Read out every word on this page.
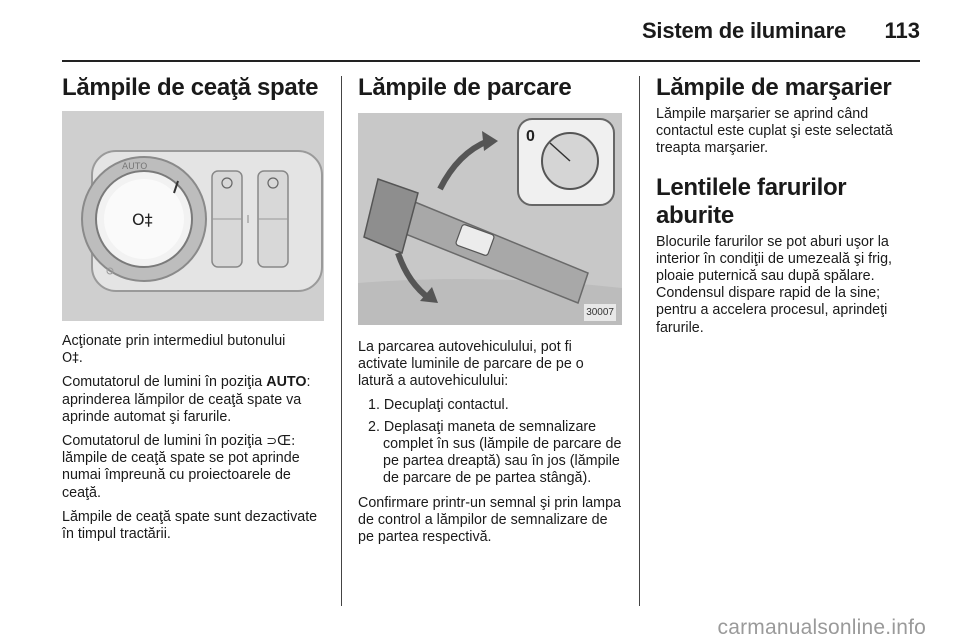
Sistem de iluminare 113
Lămpile de ceaţă spate
O‡
AUTO

Acţionate prin intermediul butonului
O‡.

Comutatorul de lumini în poziţia AUTO: aprinderea lămpilor de ceaţă spate va aprinde automat şi farurile.

Comutatorul de lumini în poziţia ⊃Œ: lămpile de ceaţă spate se pot aprinde numai împreună cu proiectoarele de ceaţă.

Lămpile de ceaţă spate sunt dezactivate în timpul tractării.

Lămpile de parcare
0
30007

La parcarea autovehiculului, pot fi activate luminile de parcare de pe o latură a autovehiculului:

1. Decuplaţi contactul.

2. Deplasaţi maneta de semnalizare complet în sus (lămpile de parcare de pe partea dreaptă) sau în jos (lămpile de parcare de pe partea stângă).

Confirmare printr-un semnal şi prin lampa de control a lămpilor de semnalizare de pe partea respectivă.

Lămpile de marşarier

Lămpile marşarier se aprind când contactul este cuplat şi este selectată treapta marşarier.

Lentilele farurilor aburite

Blocurile farurilor se pot aburi uşor la interior în condiţii de umezeală şi frig, ploaie puternică sau după spălare. Condensul dispare rapid de la sine; pentru a accelera procesul, aprindeţi farurile.

carmanualsonline.info
